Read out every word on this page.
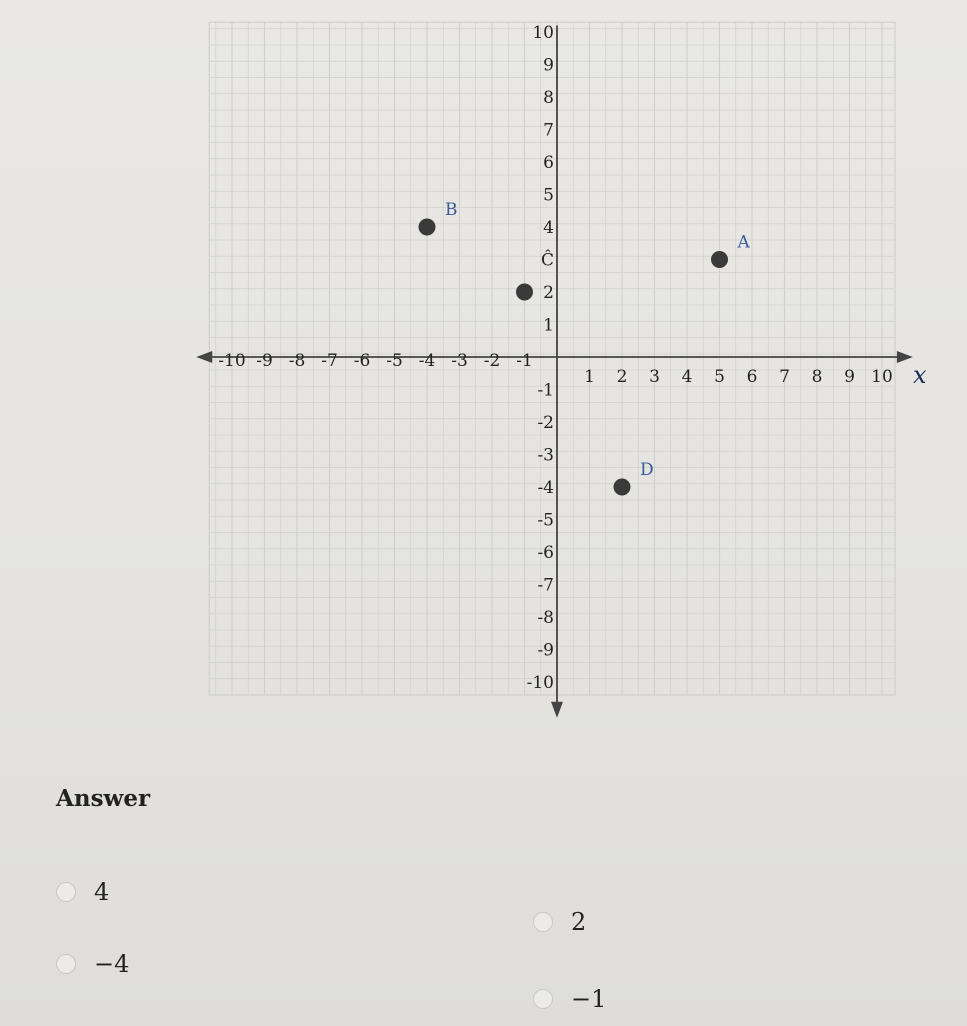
-10 -9 -8 -7 -6 -5 -4 -3 -2 -1
1 2 3 4 5 6 7 8 9 10
10
9
8
7
6
5
4
Ĉ
2
1
-1
-2
-3
-4
-5
-6
-7
-8
-9
-10
A
B
D
x
Answer
4
2
−4
−1
